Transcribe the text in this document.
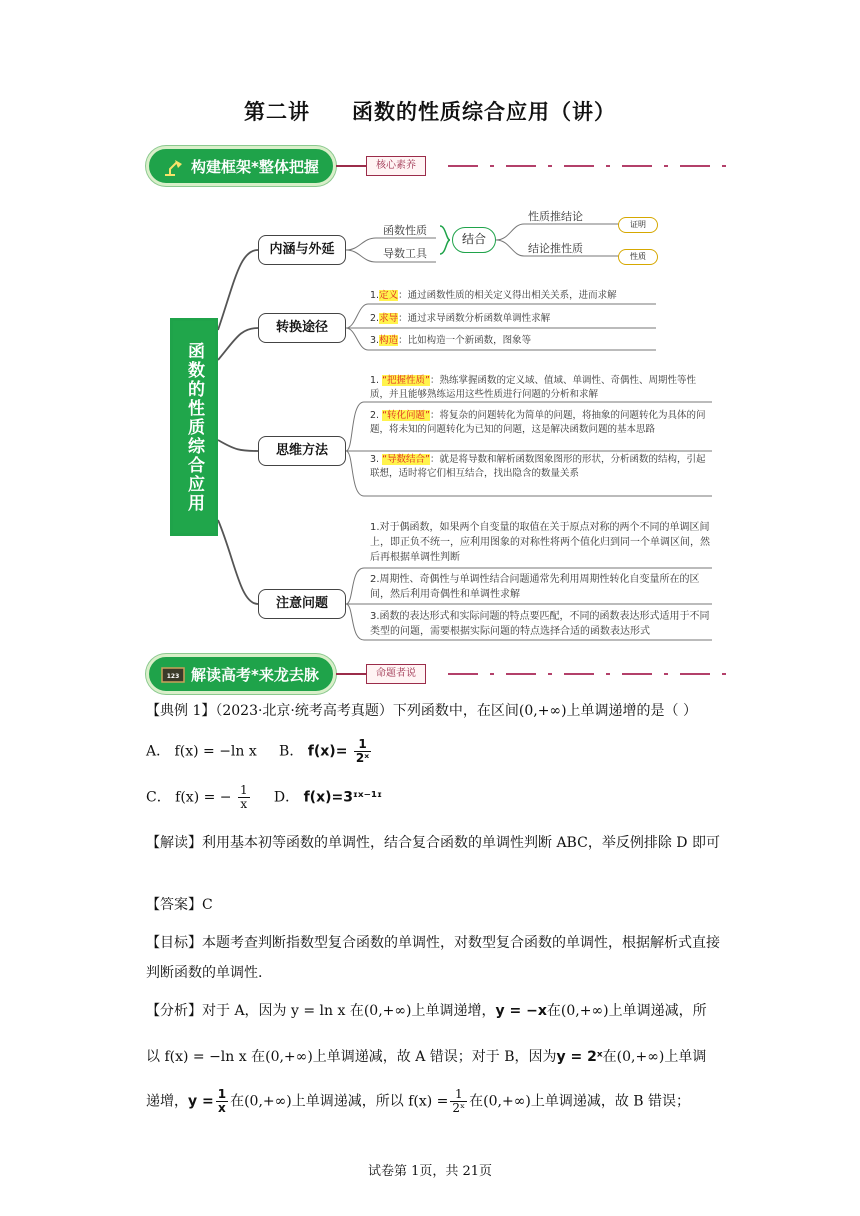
第二讲 函数的性质综合应用（讲）
构建框架*整体把握	核心素养
函数的性质综合应用
内涵与外延
转换途径
思维方法
注意问题
函数性质
导数工具
结合
性质推结论
结论推性质
证明
性质
1.定义：通过函数性质的相关定义得出相关关系，进而求解
2.求导：通过求导函数分析函数单调性求解
3.构造：比如构造一个新函数，图象等
1. “把握性质”：熟练掌握函数的定义域、值域、单调性、奇偶性、周期性等性质，并且能够熟练运用这些性质进行问题的分析和求解
2. “转化问题”：将复杂的问题转化为简单的问题，将抽象的问题转化为具体的问题，将未知的问题转化为已知的问题，这是解决函数问题的基本思路
3. “导数结合”：就是将导数和解析函数图象图形的形状，分析函数的结构，引起联想，适时将它们相互结合，找出隐含的数量关系
1.对于偶函数，如果两个自变量的取值在关于原点对称的两个不同的单调区间上，即正负不统一，应利用图象的对称性将两个值化归到同一个单调区间，然后再根据单调性判断
2.周期性、奇偶性与单调性结合问题通常先利用周期性转化自变量所在的区间，然后利用奇偶性和单调性求解
3.函数的表达形式和实际问题的特点要匹配，不同的函数表达形式适用于不同类型的问题，需要根据实际问题的特点选择合适的函数表达形式
123 解读高考*来龙去脉	命题者说
【典例 1】（2023·北京·统考高考真题）下列函数中，在区间(0,+∞)上单调递增的是（ ）
A． f(x) = −ln x B． $f(x)= \frac{1}{\text{2ˣ}}$
C． f(x) = − $\frac{1}{x}$ D． f(x)=3ᶦˣ⁻¹ᶦ
【解读】利用基本初等函数的单调性，结合复合函数的单调性判断 ABC，举反例排除 D 即可
【答案】C
【目标】本题考查判断指数型复合函数的单调性，对数型复合函数的单调性，根据解析式直接判断函数的单调性.
【分析】对于 A，因为 y = ln x 在(0,+∞)上单调递增，y = −x在(0,+∞)上单调递减，所
以 f(x) = −ln x 在(0,+∞)上单调递减，故 A 错误；对于 B，因为y = 2ˣ在(0,+∞)上单调
递增，$y = \frac{1}{x}$ 在(0,+∞)上单调递减，所以 $f(x) = \frac{1}{\text{2ˣ}}$ 在(0,+∞)上单调递减，故 B 错误；
试卷第 1页，共 21页
